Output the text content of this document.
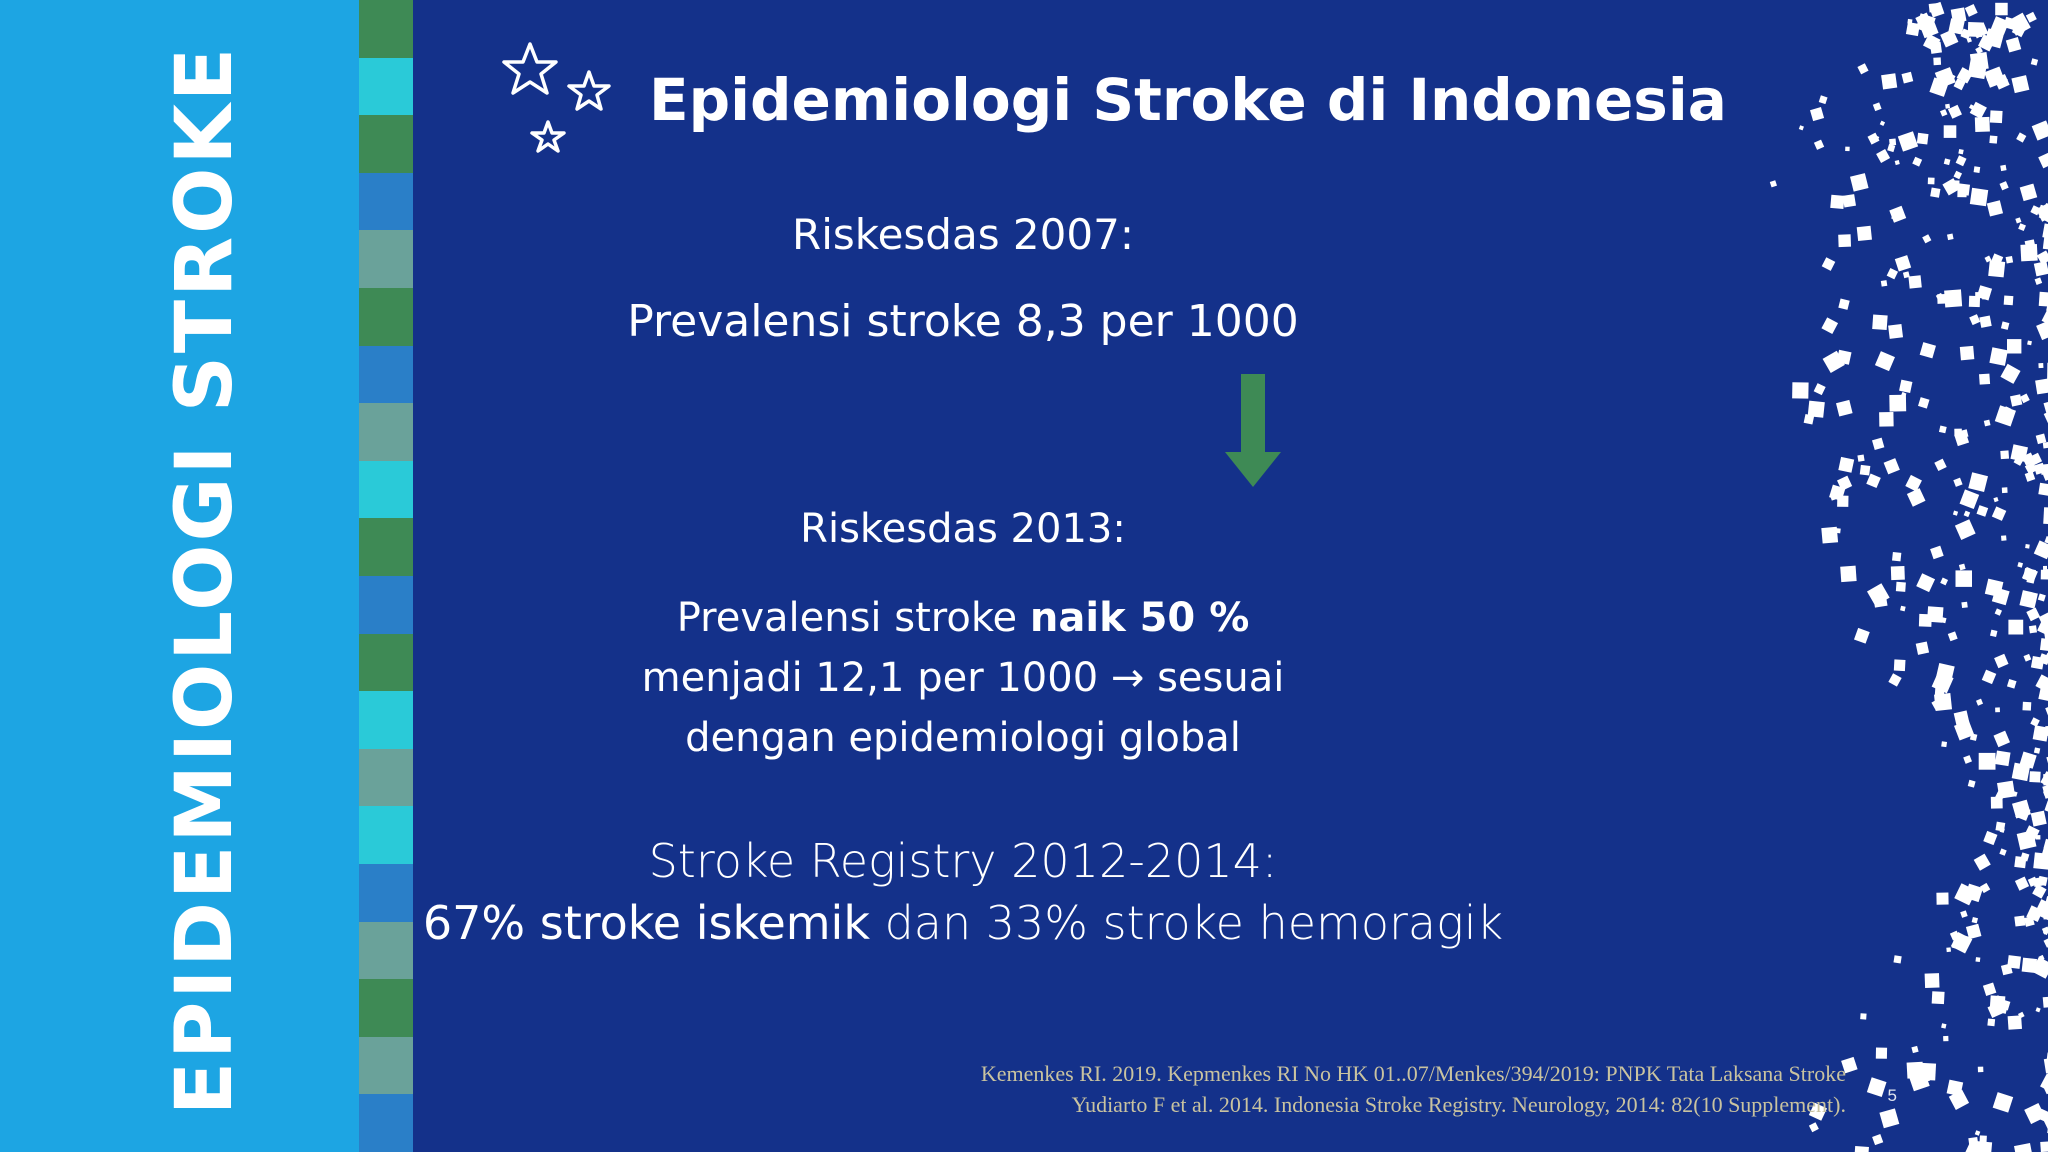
EPIDEMIOLOGI STROKE	Epidemiologi Stroke di Indonesia
Riskesdas 2007:
Prevalensi stroke 8,3 per 1000
Riskesdas 2013:
Prevalensi stroke naik 50 %
menjadi 12,1 per 1000 → sesuai
dengan epidemiologi global
Stroke Registry 2012-2014:
67% stroke iskemik dan 33% stroke hemoragik
Kemenkes RI. 2019. Kepmenkes RI No HK 01..07/Menkes/394/2019: PNPK Tata Laksana Stroke
Yudiarto F et al. 2014. Indonesia Stroke Registry. Neurology, 2014: 82(10 Supplement). 5
